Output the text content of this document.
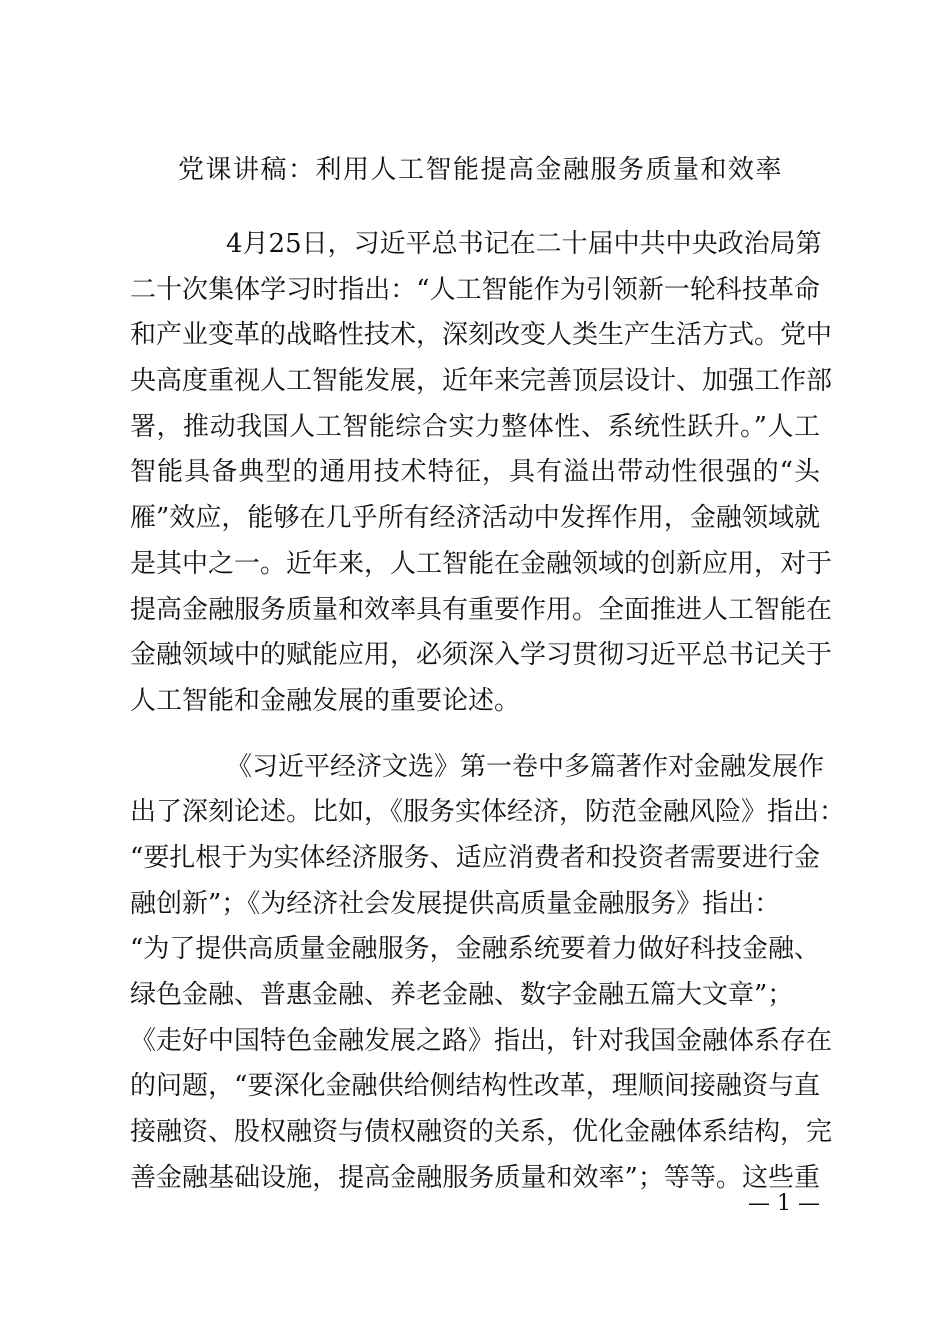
党课讲稿：利用人工智能提高金融服务质量和效率

4月25日，习近平总书记在二十届中共中央政治局第
二十次集体学习时指出：“人工智能作为引领新一轮科技革命
和产业变革的战略性技术，深刻改变人类生产生活方式。党中
央高度重视人工智能发展，近年来完善顶层设计、加强工作部
署，推动我国人工智能综合实力整体性、系统性跃升。”人工
智能具备典型的通用技术特征，具有溢出带动性很强的“头
雁”效应，能够在几乎所有经济活动中发挥作用，金融领域就
是其中之一。近年来，人工智能在金融领域的创新应用，对于
提高金融服务质量和效率具有重要作用。全面推进人工智能在
金融领域中的赋能应用，必须深入学习贯彻习近平总书记关于
人工智能和金融发展的重要论述。

《习近平经济文选》第一卷中多篇著作对金融发展作
出了深刻论述。比如，《服务实体经济，防范金融风险》指出：
“要扎根于为实体经济服务、适应消费者和投资者需要进行金
融创新”；《为经济社会发展提供高质量金融服务》指出：
“为了提供高质量金融服务，金融系统要着力做好科技金融、
绿色金融、普惠金融、养老金融、数字金融五篇大文章”；
《走好中国特色金融发展之路》指出，针对我国金融体系存在
的问题，“要深化金融供给侧结构性改革，理顺间接融资与直
接融资、股权融资与债权融资的关系，优化金融体系结构，完
善金融基础设施，提高金融服务质量和效率”；等等。这些重

— 1 —
